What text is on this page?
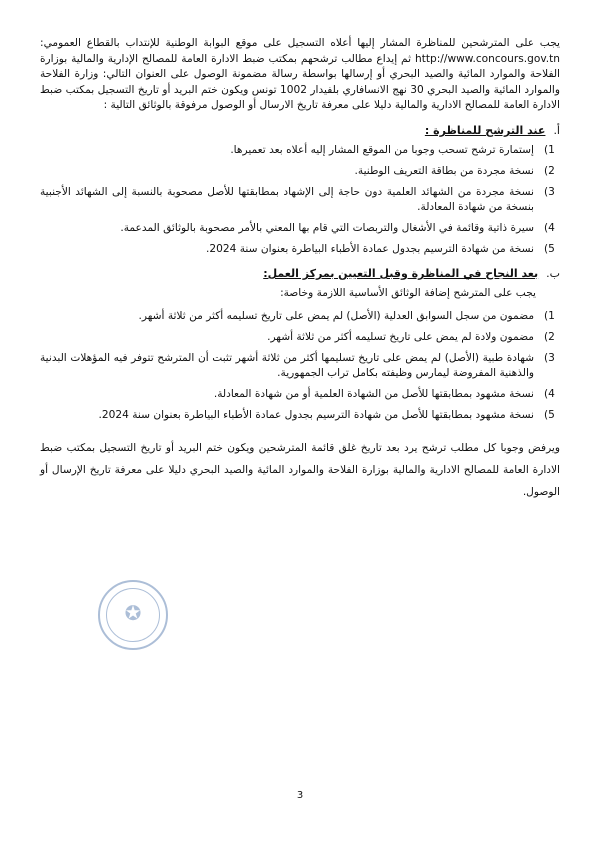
يجب على المترشحين للمناظرة المشار إليها أعلاه التسجيل على موقع البوابة الوطنية للإنتداب بالقطاع العمومي: http://www.concours.gov.tn ثم إيداع مطالب ترشحهم بمكتب ضبط الادارة العامة للمصالح الإدارية والمالية بوزارة الفلاحة والموارد المائية والصيد البحري أو إرسالها بواسطة رسالة مضمونة الوصول على العنوان التالي: وزارة الفلاحة والموارد المائية والصيد البحري 30 نهج الانسافاري بلفيدار 1002 تونس ويكون ختم البريد أو تاريخ التسجيل بمكتب ضبط الادارة العامة للمصالح الادارية والمالية دليلا على معرفة تاريخ الارسال أو الوصول مرفوقة بالوثائق التالية :

أ.
عند الترشح للمناظرة :
1)
إستمارة ترشح تسحب وجوبا من الموقع المشار إليه أعلاه بعد تعميرها.
2)
نسخة مجردة من بطاقة التعريف الوطنية.
3)
نسخة مجردة من الشهائد العلمية دون حاجة إلى الإشهاد بمطابقتها للأصل مصحوبة بالنسبة إلى الشهائد الأجنبية بنسخة من شهادة المعادلة.
4)
سيرة ذاتية وقائمة في الأشغال والتربصات التي قام بها المعني بالأمر مصحوبة بالوثائق المدعمة.
5)
نسخة من شهادة الترسيم بجدول عمادة الأطباء البياطرة بعنوان سنة 2024.
ب.
بعد النجاح في المناظرة وقبل التعيين بمركز العمل:

يجب على المترشح إضافة الوثائق الأساسية اللازمة وخاصة:

1)
مضمون من سجل السوابق العدلية (الأصل) لم يمض على تاريخ تسليمه أكثر من ثلاثة أشهر.
2)
مضمون ولادة لم يمض على تاريخ تسليمه أكثر من ثلاثة أشهر.
3)
شهادة طبية (الأصل) لم يمض على تاريخ تسليمها أكثر من ثلاثة أشهر تثبت أن المترشح تتوفر فيه المؤهلات البدنية والذهنية المفروضة ليمارس وظيفته بكامل تراب الجمهورية.
4)
نسخة مشهود بمطابقتها للأصل من الشهادة العلمية أو من شهادة المعادلة.
5)
نسخة مشهود بمطابقتها للأصل من شهادة الترسيم بجدول عمادة الأطباء البياطرة بعنوان سنة 2024.

ويرفض وجوبا كل مطلب ترشح يرد بعد تاريخ غلق قائمة المترشحين ويكون ختم البريد أو تاريخ التسجيل بمكتب ضبط الادارة العامة للمصالح الادارية والمالية بوزارة الفلاحة والموارد المائية والصيد البحري دليلا على معرفة تاريخ الإرسال أو الوصول.

✪
3
